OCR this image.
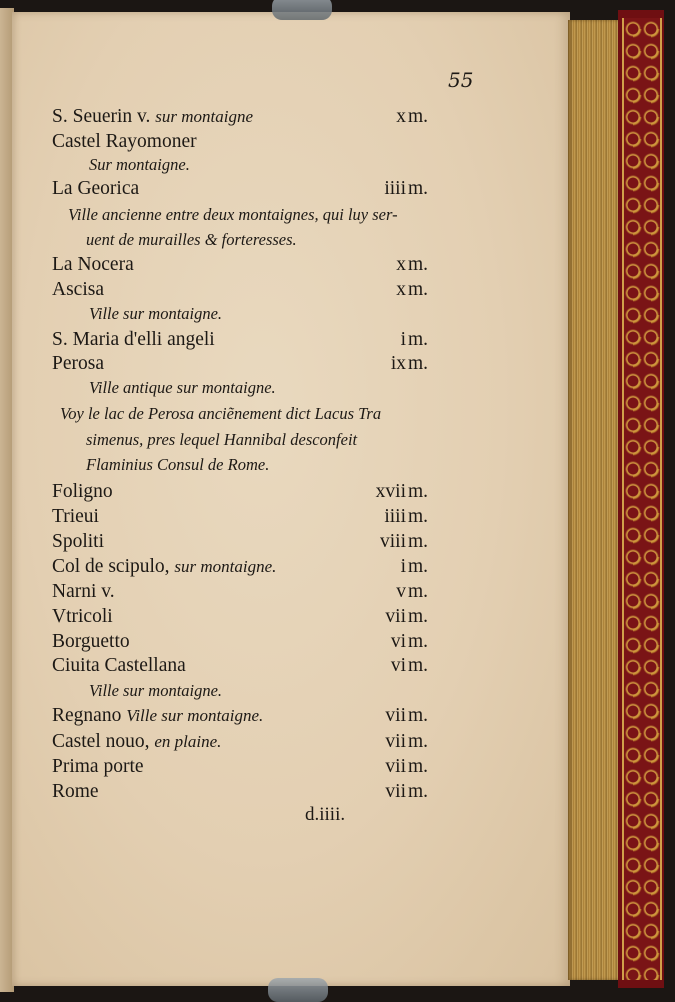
55
S. Seuerin v. sur montaigne	x m.
Castel Rayomoner
Sur montaigne.
La Georica	iiii m.
Ville ancienne entre deux montaignes, qui luy ser-
uent de murailles & forteresses.
La Nocera	x m.
Ascisa	x m.
Ville sur montaigne.
S. Maria d'elli angeli	i m.
Perosa	ix m.
Ville antique sur montaigne.
Voy le lac de Perosa anciẽnement dict Lacus Tra
simenus, pres lequel Hannibal desconfeit
Flaminius Consul de Rome.
Foligno	xvii m.
Trieui	iiii m.
Spoliti	viii m.
Col de scipulo, sur montaigne.	i m.
Narni v.	v m.
Vtricoli	vii m.
Borguetto	vi m.
Ciuita Castellana	vi m.
Ville sur montaigne.
Regnano Ville sur montaigne.	vii m.
Castel nouo, en plaine.	vii m.
Prima porte	vii m.
Rome	vii m.
d.iiii.
